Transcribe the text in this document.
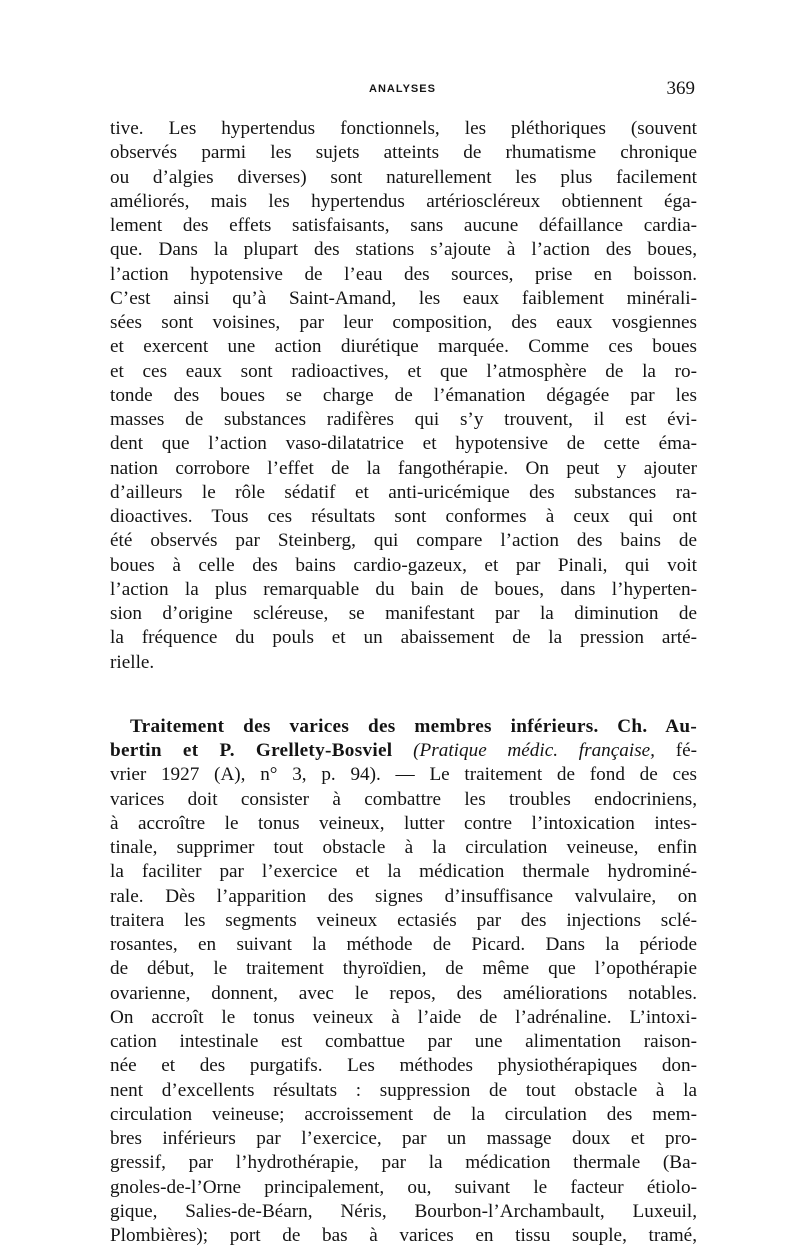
ANALYSES	369
tive. Les hypertendus fonctionnels, les pléthoriques (souvent
observés parmi les sujets atteints de rhumatisme chronique
ou d’algies diverses) sont naturellement les plus facilement
améliorés, mais les hypertendus artérioscléreux obtiennent éga-
lement des effets satisfaisants, sans aucune défaillance cardia-
que. Dans la plupart des stations s’ajoute à l’action des boues,
l’action hypotensive de l’eau des sources, prise en boisson.
C’est ainsi qu’à Saint-Amand, les eaux faiblement minérali-
sées sont voisines, par leur composition, des eaux vosgiennes
et exercent une action diurétique marquée. Comme ces boues
et ces eaux sont radioactives, et que l’atmosphère de la ro-
tonde des boues se charge de l’émanation dégagée par les
masses de substances radifères qui s’y trouvent, il est évi-
dent que l’action vaso-dilatatrice et hypotensive de cette éma-
nation corrobore l’effet de la fangothérapie. On peut y ajouter
d’ailleurs le rôle sédatif et anti-uricémique des substances ra-
dioactives. Tous ces résultats sont conformes à ceux qui ont
été observés par Steinberg, qui compare l’action des bains de
boues à celle des bains cardio-gazeux, et par Pinali, qui voit
l’action la plus remarquable du bain de boues, dans l’hyperten-
sion d’origine scléreuse, se manifestant par la diminution de
la fréquence du pouls et un abaissement de la pression arté-
rielle.
Traitement des varices des membres inférieurs. Ch. Au-
bertin et P. Grellety-Bosviel (Pratique médic. française, fé-
vrier 1927 (A), n° 3, p. 94). — Le traitement de fond de ces
varices doit consister à combattre les troubles endocriniens,
à accroître le tonus veineux, lutter contre l’intoxication intes-
tinale, supprimer tout obstacle à la circulation veineuse, enfin
la faciliter par l’exercice et la médication thermale hydrominé-
rale. Dès l’apparition des signes d’insuffisance valvulaire, on
traitera les segments veineux ectasiés par des injections sclé-
rosantes, en suivant la méthode de Picard. Dans la période
de début, le traitement thyroïdien, de même que l’opothérapie
ovarienne, donnent, avec le repos, des améliorations notables.
On accroît le tonus veineux à l’aide de l’adrénaline. L’intoxi-
cation intestinale est combattue par une alimentation raison-
née et des purgatifs. Les méthodes physiothérapiques don-
nent d’excellents résultats : suppression de tout obstacle à la
circulation veineuse; accroissement de la circulation des mem-
bres inférieurs par l’exercice, par un massage doux et pro-
gressif, par l’hydrothérapie, par la médication thermale (Ba-
gnoles-de-l’Orne principalement, ou, suivant le facteur étiolo-
gique, Salies-de-Béarn, Néris, Bourbon-l’Archambault, Luxeuil,
Plombières); port de bas à varices en tissu souple, tramé,
